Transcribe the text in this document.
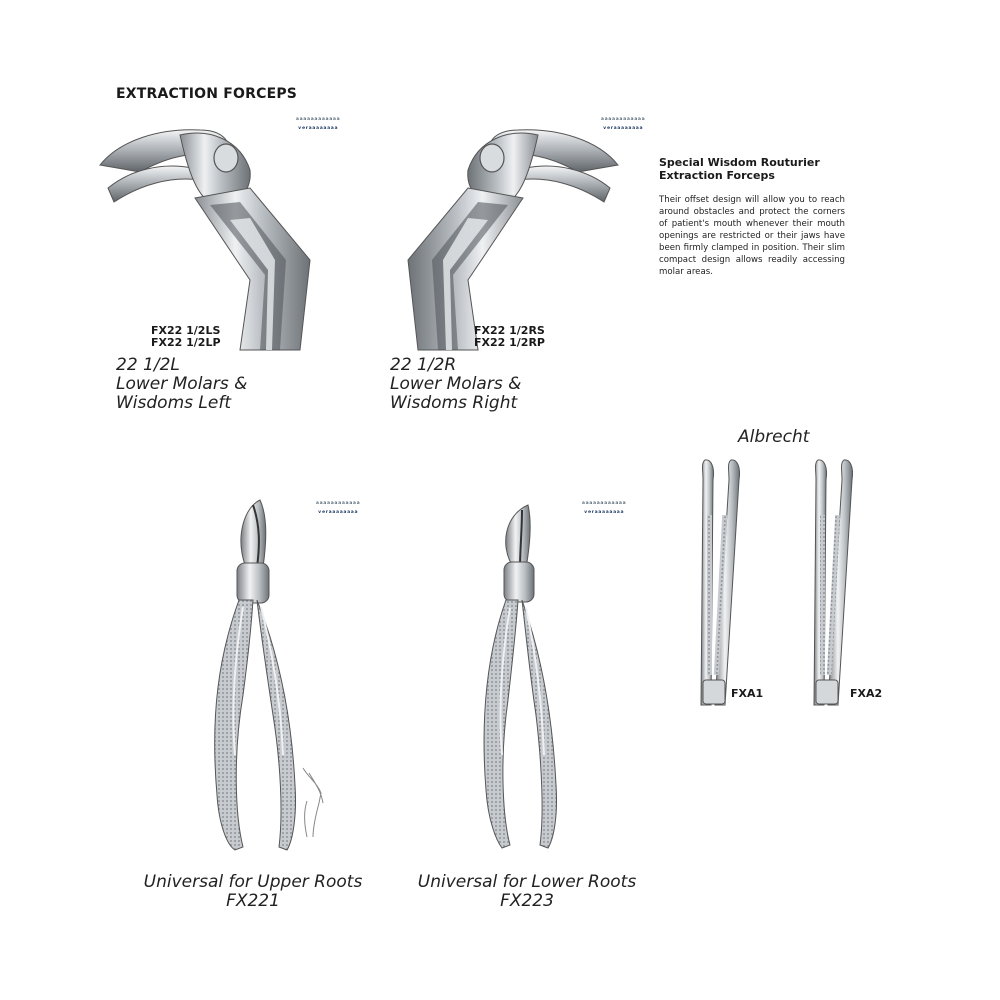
EXTRACTION FORCEPS
ₐₐₐₐₐₐₐₐₐₐₐₐ
ᵥₑᵣₐₐₐₐₐₐₐₐ
FX22 1/2LS
FX22 1/2LP
22 1/2L
Lower Molars &
Wisdoms Left
ₐₐₐₐₐₐₐₐₐₐₐₐ
ᵥₑᵣₐₐₐₐₐₐₐₐ
FX22 1/2RS
FX22 1/2RP
22 1/2R
Lower Molars &
Wisdoms Right
Special Wisdom Routurier Extraction Forceps
Their offset design will allow you to reach around obstacles and protect the corners of patient's mouth whenever their mouth openings are restricted or their jaws have been firmly clamped in position. Their slim compact design allows readily accessing molar areas.
ₐₐₐₐₐₐₐₐₐₐₐₐ
ᵥₑᵣₐₐₐₐₐₐₐₐ
Universal for Upper Roots
FX221
ₐₐₐₐₐₐₐₐₐₐₐₐ
ᵥₑᵣₐₐₐₐₐₐₐₐ
Universal for Lower Roots
FX223
Albrecht
FXA1	FXA2
